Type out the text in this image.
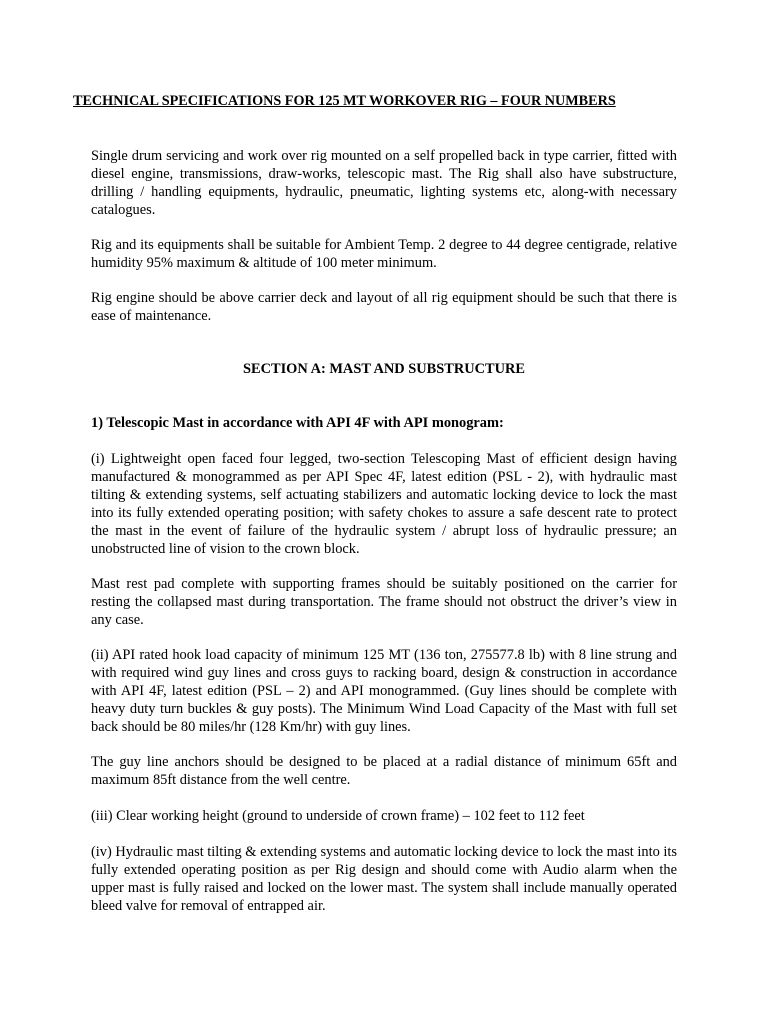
TECHNICAL SPECIFICATIONS FOR 125 MT WORKOVER RIG – FOUR NUMBERS

Single drum servicing and work over rig mounted on a self propelled back in type carrier, fitted with diesel engine, transmissions, draw-works, telescopic mast. The Rig shall also have substructure, drilling / handling equipments, hydraulic, pneumatic, lighting systems etc, along-with necessary catalogues.

Rig and its equipments shall be suitable for Ambient Temp. 2 degree to 44 degree centigrade, relative humidity 95% maximum & altitude of 100 meter minimum.

Rig engine should be above carrier deck and layout of all rig equipment should be such that there is ease of maintenance.

SECTION A: MAST AND SUBSTRUCTURE

1) Telescopic Mast in accordance with API 4F with API monogram:

(i) Lightweight open faced four legged, two-section Telescoping Mast of efficient design having manufactured & monogrammed as per API Spec 4F, latest edition (PSL - 2), with hydraulic mast tilting & extending systems, self actuating stabilizers and automatic locking device to lock the mast into its fully extended operating position; with safety chokes to assure a safe descent rate to protect the mast in the event of failure of the hydraulic system / abrupt loss of hydraulic pressure; an unobstructed line of vision to the crown block.

Mast rest pad complete with supporting frames should be suitably positioned on the carrier for resting the collapsed mast during transportation. The frame should not obstruct the driver’s view in any case.

(ii) API rated hook load capacity of minimum 125 MT (136 ton, 275577.8 lb) with 8 line strung and with required wind guy lines and cross guys to racking board, design & construction in accordance with API 4F, latest edition (PSL – 2) and API monogrammed. (Guy lines should be complete with heavy duty turn buckles & guy posts). The Minimum Wind Load Capacity of the Mast with full set back should be 80 miles/hr (128 Km/hr) with guy lines.

The guy line anchors should be designed to be placed at a radial distance of minimum 65ft and maximum 85ft distance from the well centre.

(iii) Clear working height (ground to underside of crown frame) – 102 feet to 112 feet

(iv) Hydraulic mast tilting & extending systems and automatic locking device to lock the mast into its fully extended operating position as per Rig design and should come with Audio alarm when the upper mast is fully raised and locked on the lower mast. The system shall include manually operated bleed valve for removal of entrapped air.
